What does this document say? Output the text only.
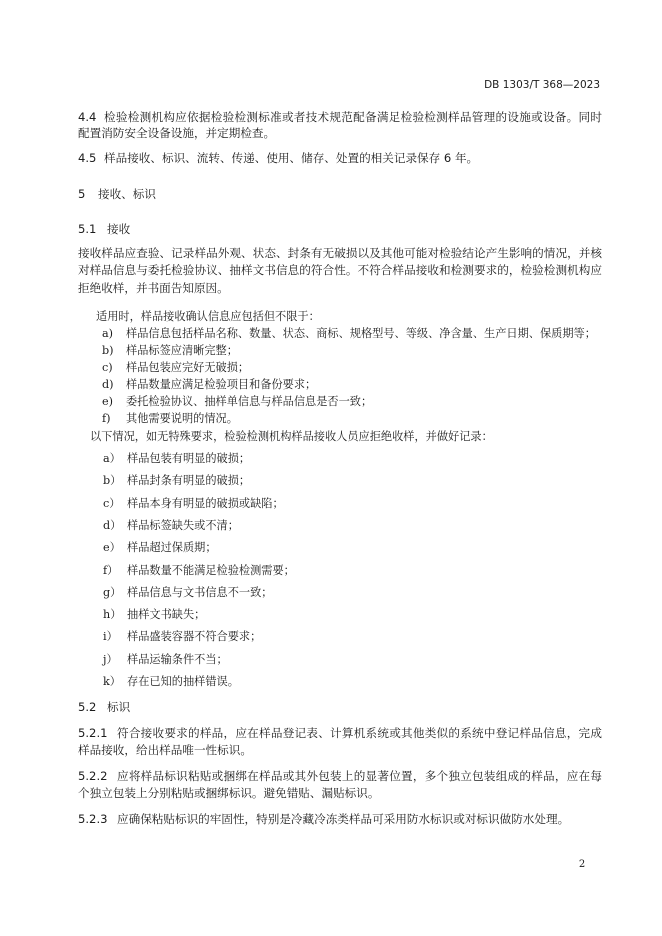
DB 1303/T 368—2023
4.4 检验检测机构应依据检验检测标准或者技术规范配备满足检验检测样品管理的设施或设备。同时
配置消防安全设备设施，并定期检查。
4.5 样品接收、标识、流转、传递、使用、储存、处置的相关记录保存 6 年。
5	接收、标识
5.1 接收
接收样品应查验、记录样品外观、状态、封条有无破损以及其他可能对检验结论产生影响的情况，并核
对样品信息与委托检验协议、抽样文书信息的符合性。不符合样品接收和检测要求的，检验检测机构应
拒绝收样，并书面告知原因。
适用时，样品接收确认信息应包括但不限于：
a)	样品信息包括样品名称、数量、状态、商标、规格型号、等级、净含量、生产日期、保质期等；
b)	样品标签应清晰完整；
c)	样品包装应完好无破损；
d)	样品数量应满足检验项目和备份要求；
e)	委托检验协议、抽样单信息与样品信息是否一致；
f)	其他需要说明的情况。
以下情况，如无特殊要求，检验检测机构样品接收人员应拒绝收样，并做好记录：
a） 样品包装有明显的破损；
b） 样品封条有明显的破损；
c） 样品本身有明显的破损或缺陷；
d） 样品标签缺失或不清；
e） 样品超过保质期；
f） 样品数量不能满足检验检测需要；
g） 样品信息与文书信息不一致；
h） 抽样文书缺失；
i） 样品盛装容器不符合要求；
j） 样品运输条件不当；
k） 存在已知的抽样错误。
5.2 标识
5.2.1 符合接收要求的样品，应在样品登记表、计算机系统或其他类似的系统中登记样品信息，完成
样品接收，给出样品唯一性标识。
5.2.2 应将样品标识粘贴或捆绑在样品或其外包装上的显著位置，多个独立包装组成的样品，应在每
个独立包装上分别粘贴或捆绑标识。避免错贴、漏贴标识。
5.2.3 应确保粘贴标识的牢固性，特别是冷藏冷冻类样品可采用防水标识或对标识做防水处理。
2
